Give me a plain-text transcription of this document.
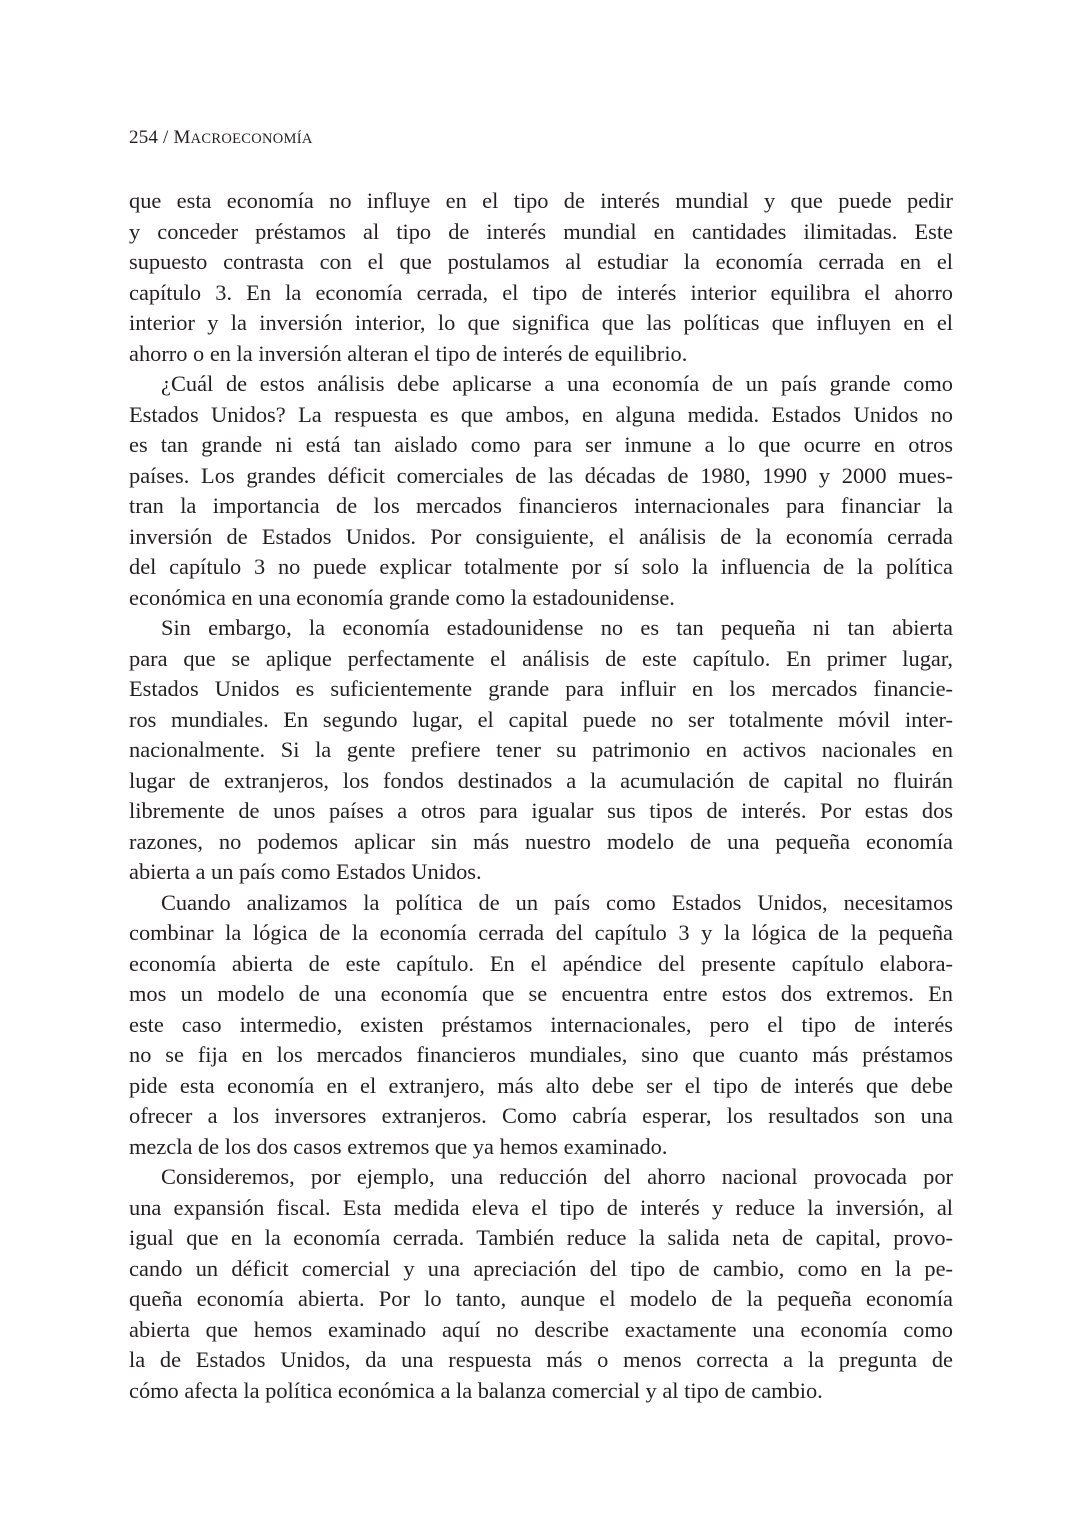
254 / MACROECONOMÍA
que esta economía no influye en el tipo de interés mundial y que puede pedir
y conceder préstamos al tipo de interés mundial en cantidades ilimitadas. Este
supuesto contrasta con el que postulamos al estudiar la economía cerrada en el
capítulo 3. En la economía cerrada, el tipo de interés interior equilibra el ahorro
interior y la inversión interior, lo que significa que las políticas que influyen en el
ahorro o en la inversión alteran el tipo de interés de equilibrio.
¿Cuál de estos análisis debe aplicarse a una economía de un país grande como
Estados Unidos? La respuesta es que ambos, en alguna medida. Estados Unidos no
es tan grande ni está tan aislado como para ser inmune a lo que ocurre en otros
países. Los grandes déficit comerciales de las décadas de 1980, 1990 y 2000 mues-
tran la importancia de los mercados financieros internacionales para financiar la
inversión de Estados Unidos. Por consiguiente, el análisis de la economía cerrada
del capítulo 3 no puede explicar totalmente por sí solo la influencia de la política
económica en una economía grande como la estadounidense.
Sin embargo, la economía estadounidense no es tan pequeña ni tan abierta
para que se aplique perfectamente el análisis de este capítulo. En primer lugar,
Estados Unidos es suficientemente grande para influir en los mercados financie-
ros mundiales. En segundo lugar, el capital puede no ser totalmente móvil inter-
nacionalmente. Si la gente prefiere tener su patrimonio en activos nacionales en
lugar de extranjeros, los fondos destinados a la acumulación de capital no fluirán
libremente de unos países a otros para igualar sus tipos de interés. Por estas dos
razones, no podemos aplicar sin más nuestro modelo de una pequeña economía
abierta a un país como Estados Unidos.
Cuando analizamos la política de un país como Estados Unidos, necesitamos
combinar la lógica de la economía cerrada del capítulo 3 y la lógica de la pequeña
economía abierta de este capítulo. En el apéndice del presente capítulo elabora-
mos un modelo de una economía que se encuentra entre estos dos extremos. En
este caso intermedio, existen préstamos internacionales, pero el tipo de interés
no se fija en los mercados financieros mundiales, sino que cuanto más préstamos
pide esta economía en el extranjero, más alto debe ser el tipo de interés que debe
ofrecer a los inversores extranjeros. Como cabría esperar, los resultados son una
mezcla de los dos casos extremos que ya hemos examinado.
Consideremos, por ejemplo, una reducción del ahorro nacional provocada por
una expansión fiscal. Esta medida eleva el tipo de interés y reduce la inversión, al
igual que en la economía cerrada. También reduce la salida neta de capital, provo-
cando un déficit comercial y una apreciación del tipo de cambio, como en la pe-
queña economía abierta. Por lo tanto, aunque el modelo de la pequeña economía
abierta que hemos examinado aquí no describe exactamente una economía como
la de Estados Unidos, da una respuesta más o menos correcta a la pregunta de
cómo afecta la política económica a la balanza comercial y al tipo de cambio.
